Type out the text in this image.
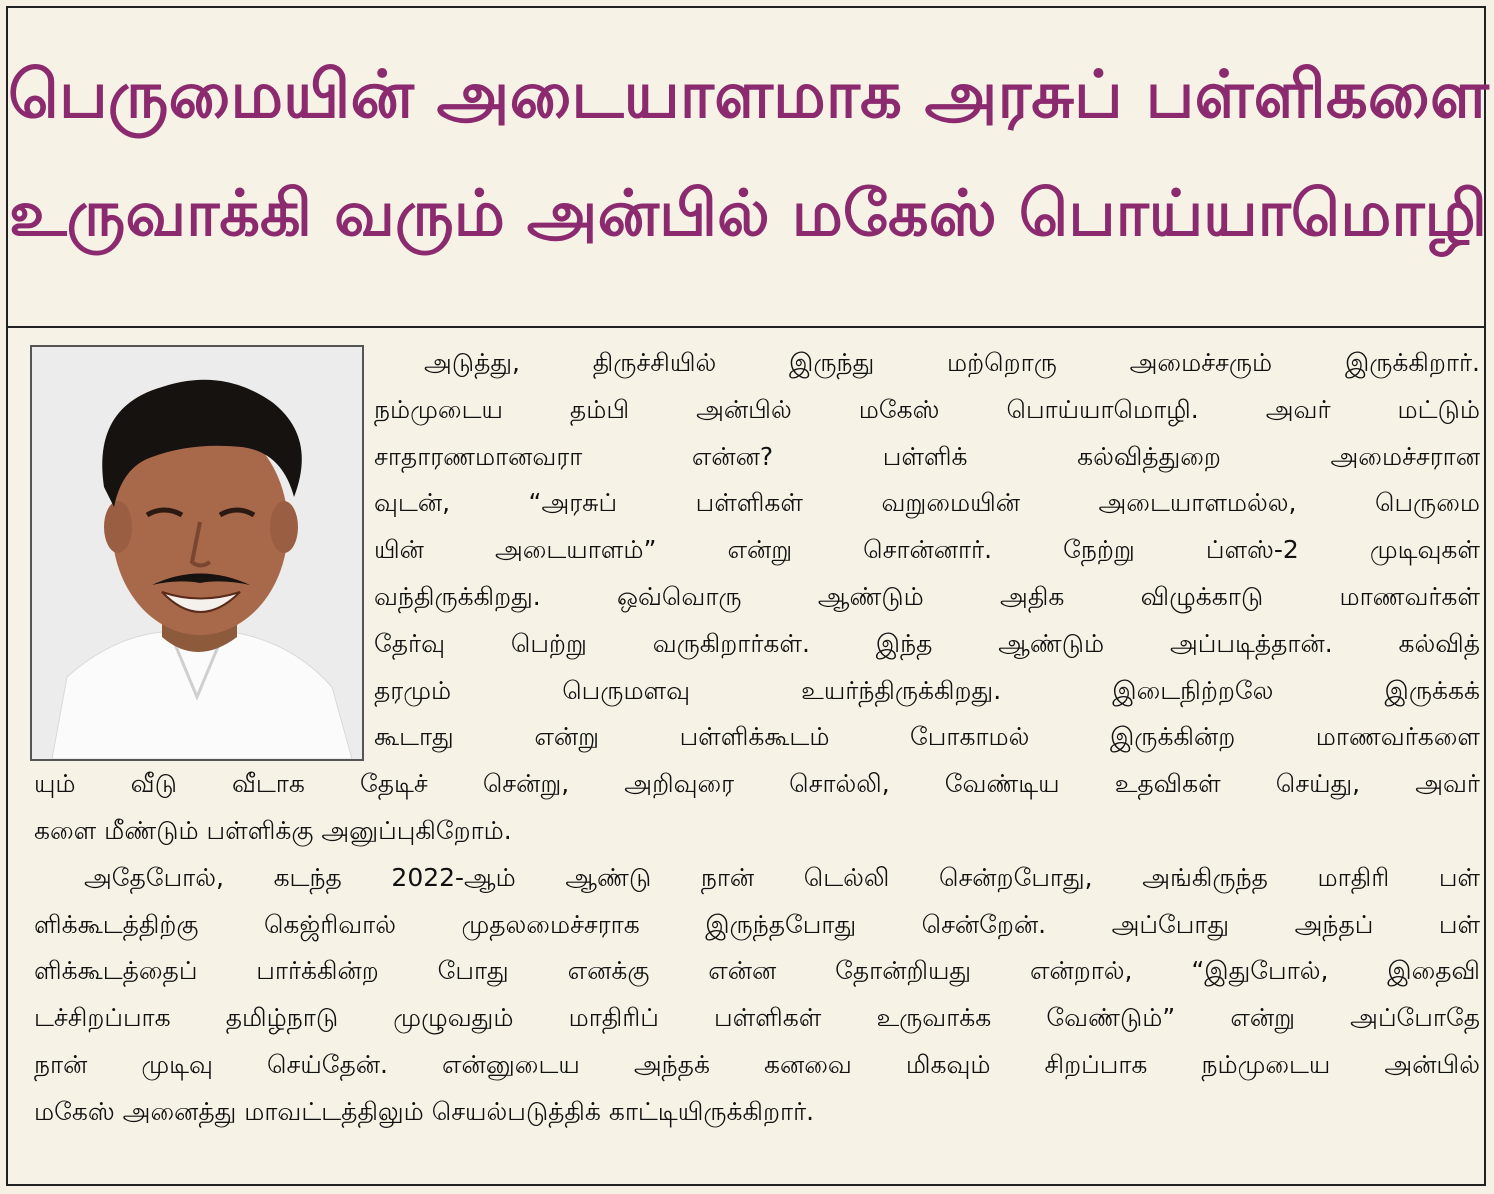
பெருமையின் அடையாளமாக அரசுப் பள்ளிகளை
உருவாக்கி வரும் அன்பில் மகேஸ் பொய்யாமொழி
அடுத்து, திருச்சியில் இருந்து மற்றொரு அமைச்சரும் இருக்கிறார்.
நம்முடைய தம்பி அன்பில் மகேஸ் பொய்யாமொழி. அவர் மட்டும்
சாதாரணமானவரா என்ன? பள்ளிக் கல்வித்துறை அமைச்சரான
வுடன், “அரசுப் பள்ளிகள் வறுமையின் அடையாளமல்ல, பெருமை
யின் அடையாளம்” என்று சொன்னார். நேற்று ப்ளஸ்-2 முடிவுகள்
வந்திருக்கிறது. ஒவ்வொரு ஆண்டும் அதிக விழுக்காடு மாணவர்கள்
தேர்வு பெற்று வருகிறார்கள். இந்த ஆண்டும் அப்படித்தான். கல்வித்
தரமும் பெருமளவு உயர்ந்திருக்கிறது. இடைநிற்றலே இருக்கக்
கூடாது என்று பள்ளிக்கூடம் போகாமல் இருக்கின்ற மாணவர்களை
யும் வீடு வீடாக தேடிச் சென்று, அறிவுரை சொல்லி, வேண்டிய உதவிகள் செய்து, அவர்
களை மீண்டும் பள்ளிக்கு அனுப்புகிறோம்.
அதேபோல், கடந்த 2022-ஆம் ஆண்டு நான் டெல்லி சென்றபோது, அங்கிருந்த மாதிரி பள்
ளிக்கூடத்திற்கு கெஜ்ரிவால் முதலமைச்சராக இருந்தபோது சென்றேன். அப்போது அந்தப் பள்
ளிக்கூடத்தைப் பார்க்கின்ற போது எனக்கு என்ன தோன்றியது என்றால், “இதுபோல், இதைவி
டச்சிறப்பாக தமிழ்நாடு முழுவதும் மாதிரிப் பள்ளிகள் உருவாக்க வேண்டும்” என்று அப்போதே
நான் முடிவு செய்தேன். என்னுடைய அந்தக் கனவை மிகவும் சிறப்பாக நம்முடைய அன்பில்
மகேஸ் அனைத்து மாவட்டத்திலும் செயல்படுத்திக் காட்டியிருக்கிறார்.
